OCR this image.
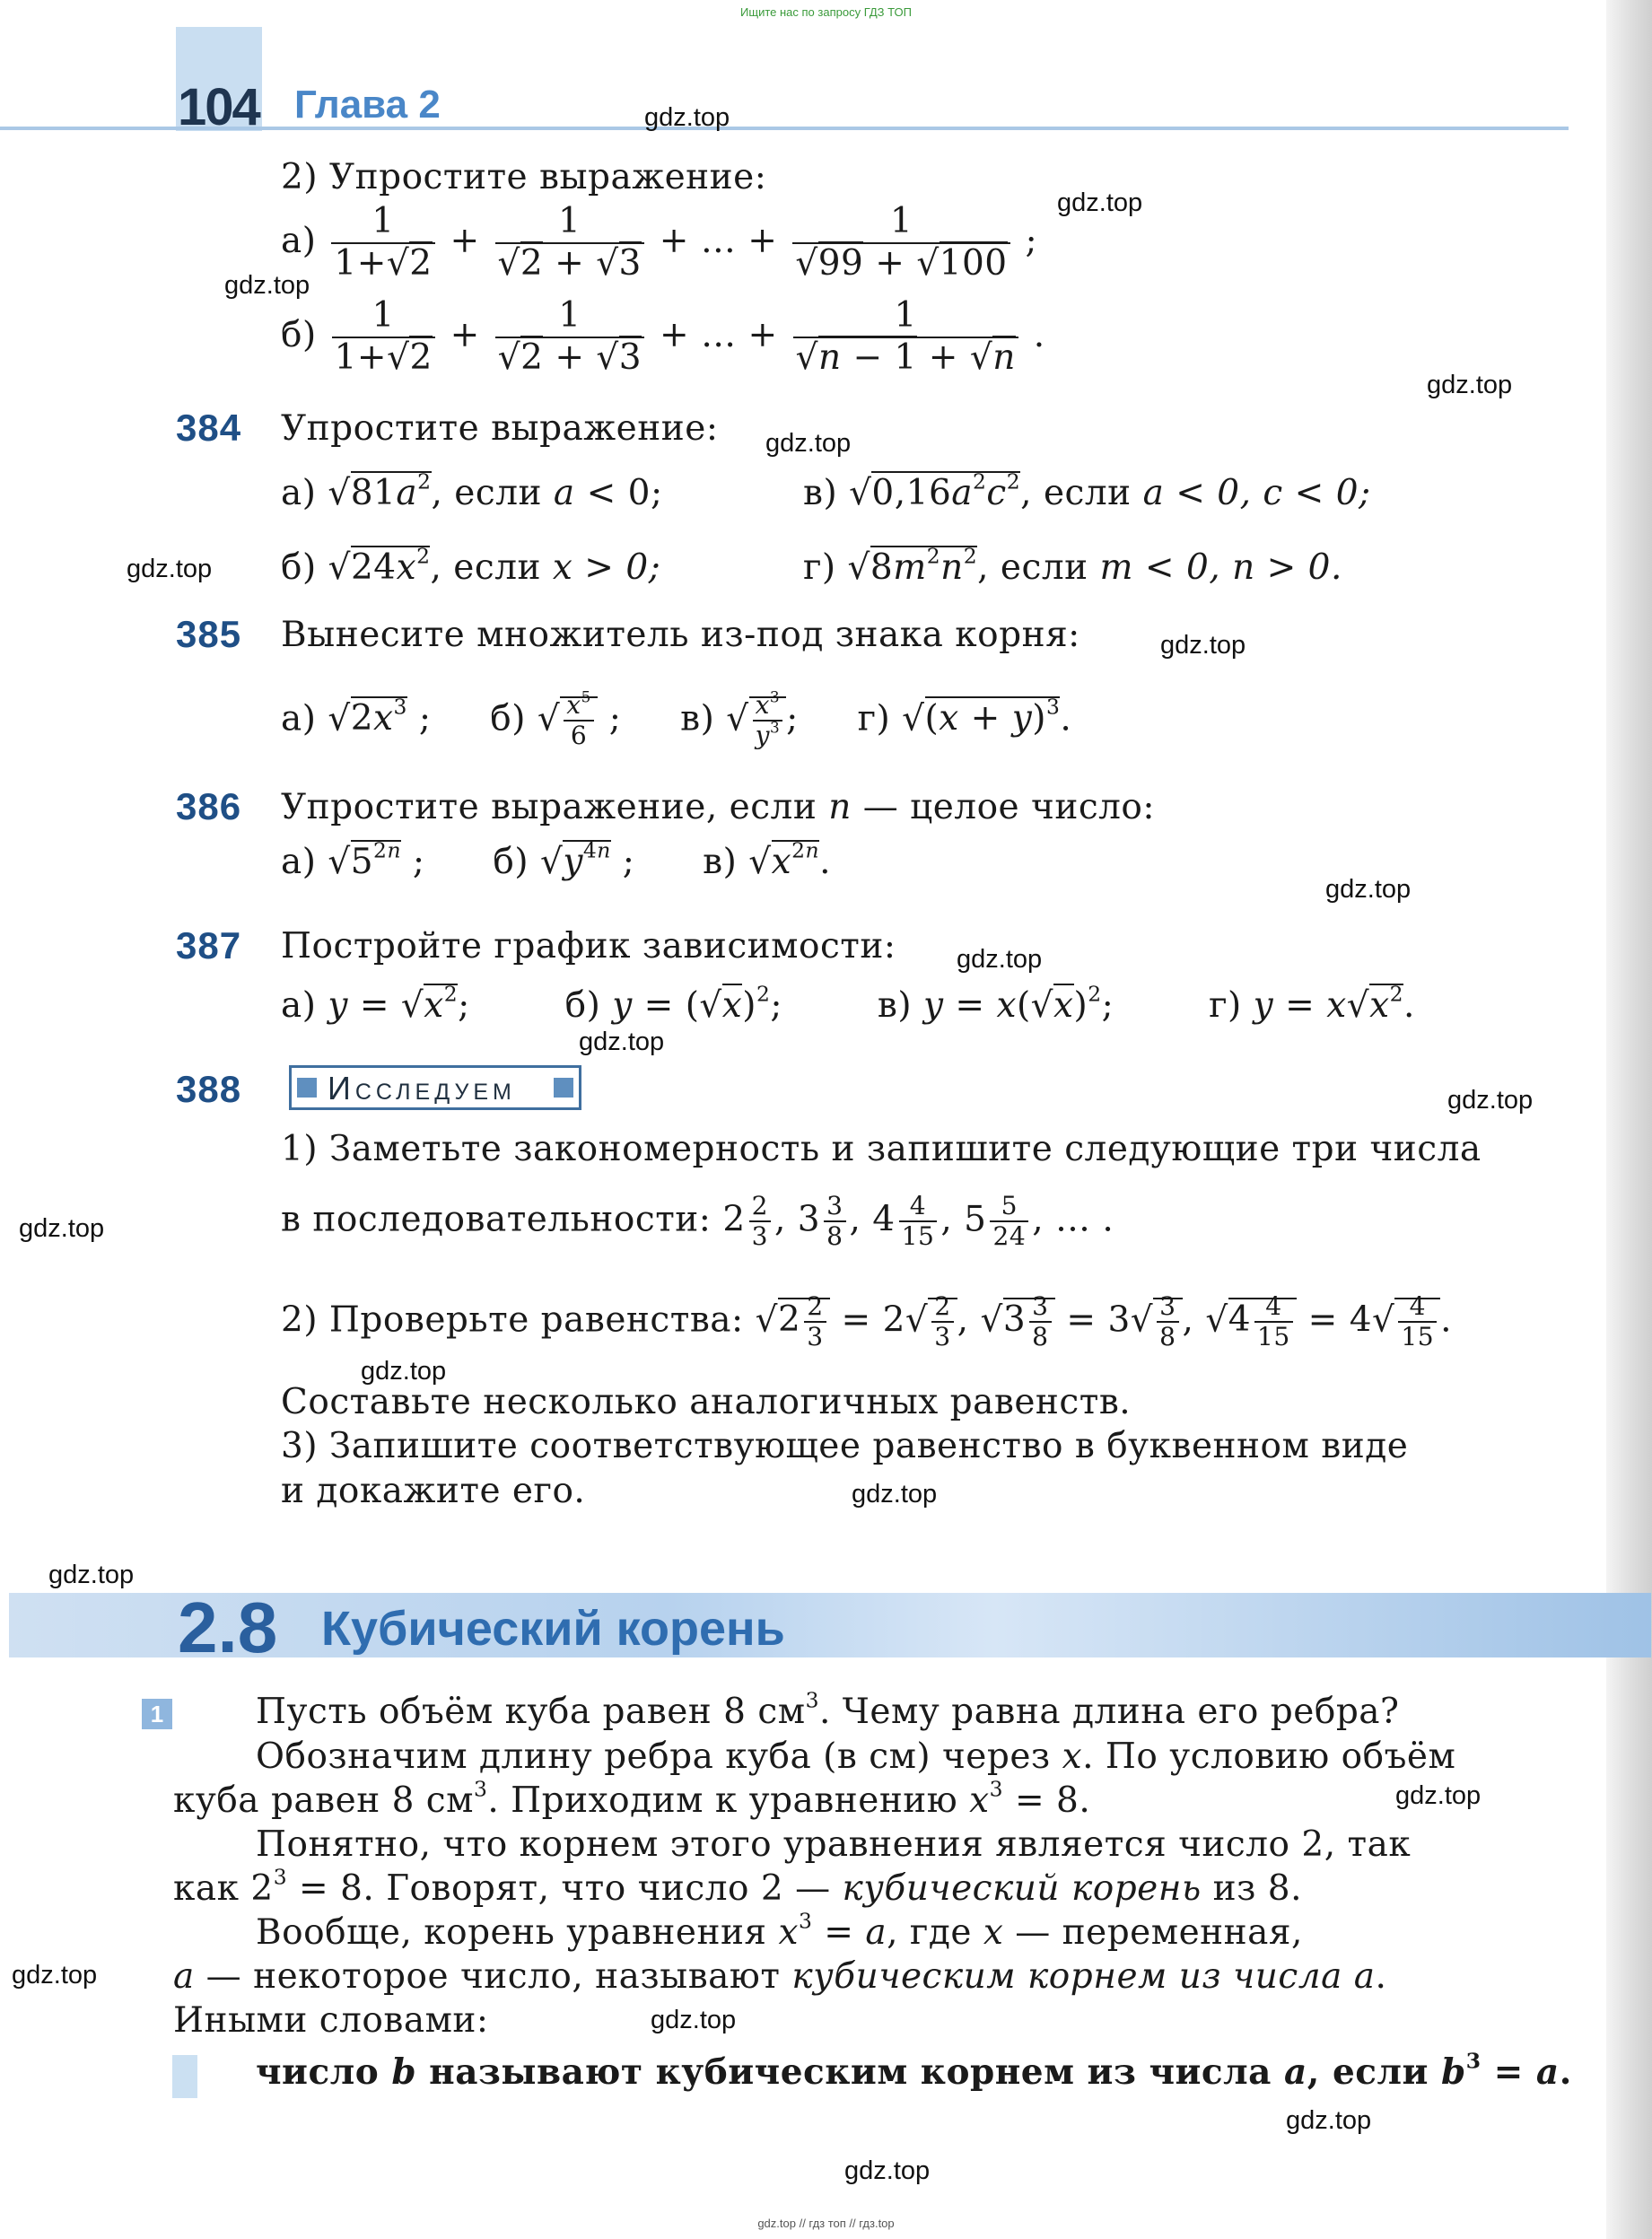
Ищите нас по запросу ГДЗ ТОП
104 Глава 2
2) Упростите выражение:
$а) \frac{1}{1+√2} + \frac{1}{√2 + √3}$ + … + $\frac{1}{√99 + √100}$ ;
$б) \frac{1}{1+√2} + \frac{1}{√2 + √3}$ + … + $\frac{1}{√n - 1 + √n}$ .
384 Упростите выражение:
а) $√81a^2$, если a < 0;	в) $√0,16a^2c^2$, если a < 0, c < 0;
б) $√24x^2$, если x > 0;	г) $√8m^2n^2$, если m < 0, n > 0.
385 Вынесите множитель из-под знака корня:
а) $√2x^3$ ;  б) √ $\frac{x^5}{6}$ ;  в) √ $\frac{x^3}{y^3}$ ;  г) $√(x + y)^3$.
386 Упростите выражение, если n — целое число:
а) $√5^{2n}$ ;  б) $√y^{4n}$ ;  в) $√x^{2n}$.
387 Постройте график зависимости:
а) $y = √x^2$;  б) $y = (√x)^2$;  в) $y = x(√x)^2$;  г) $y = x√x^2$.
388	Исследуем
1) Заметьте закономерность и запишите следующие три числа
в последовательности: $2 \frac{2}{3}$ , $3 \frac{3}{8}$ , $4 \frac{4}{15}$ , $5 \frac{5}{24}$ , … .
2) Проверьте равенства: $√2 \frac{2}{3} = 2√ \frac{2}{3}$ , $√3 \frac{3}{8} = 3√ \frac{3}{8}$ , $√4 \frac{4}{15} = 4√ \frac{4}{15}$ .
Составьте несколько аналогичных равенств.
3) Запишите соответствующее равенство в буквенном виде
и докажите его.
2.8 Кубический корень
1	Пусть объём куба равен 8 $см^3$. Чему равна длина его ребра?
Обозначим длину ребра куба (в см) через x. По условию объём
куба равен 8 $см^3$. Приходим к уравнению $x^3 = 8$.
Понятно, что корнем этого уравнения является число 2, так
как $2^3 = 8$. Говорят, что число 2 — кубический корень из 8.
Вообще, корень уравнения $x^3 = a$, где x — переменная,
a — некоторое число, называют кубическим корнем из числа a.
Иными словами:
число b называют кубическим корнем из числа a, если $b^3 = a$.
gdz.top
gdz.top
gdz.top
gdz.top
gdz.top
gdz.top
gdz.top
gdz.top
gdz.top
gdz.top
gdz.top
gdz.top
gdz.top
gdz.top
gdz.top
gdz.top
gdz.top
gdz.top
gdz.top
gdz.top
gdz.top // гдз топ // гдз.top
